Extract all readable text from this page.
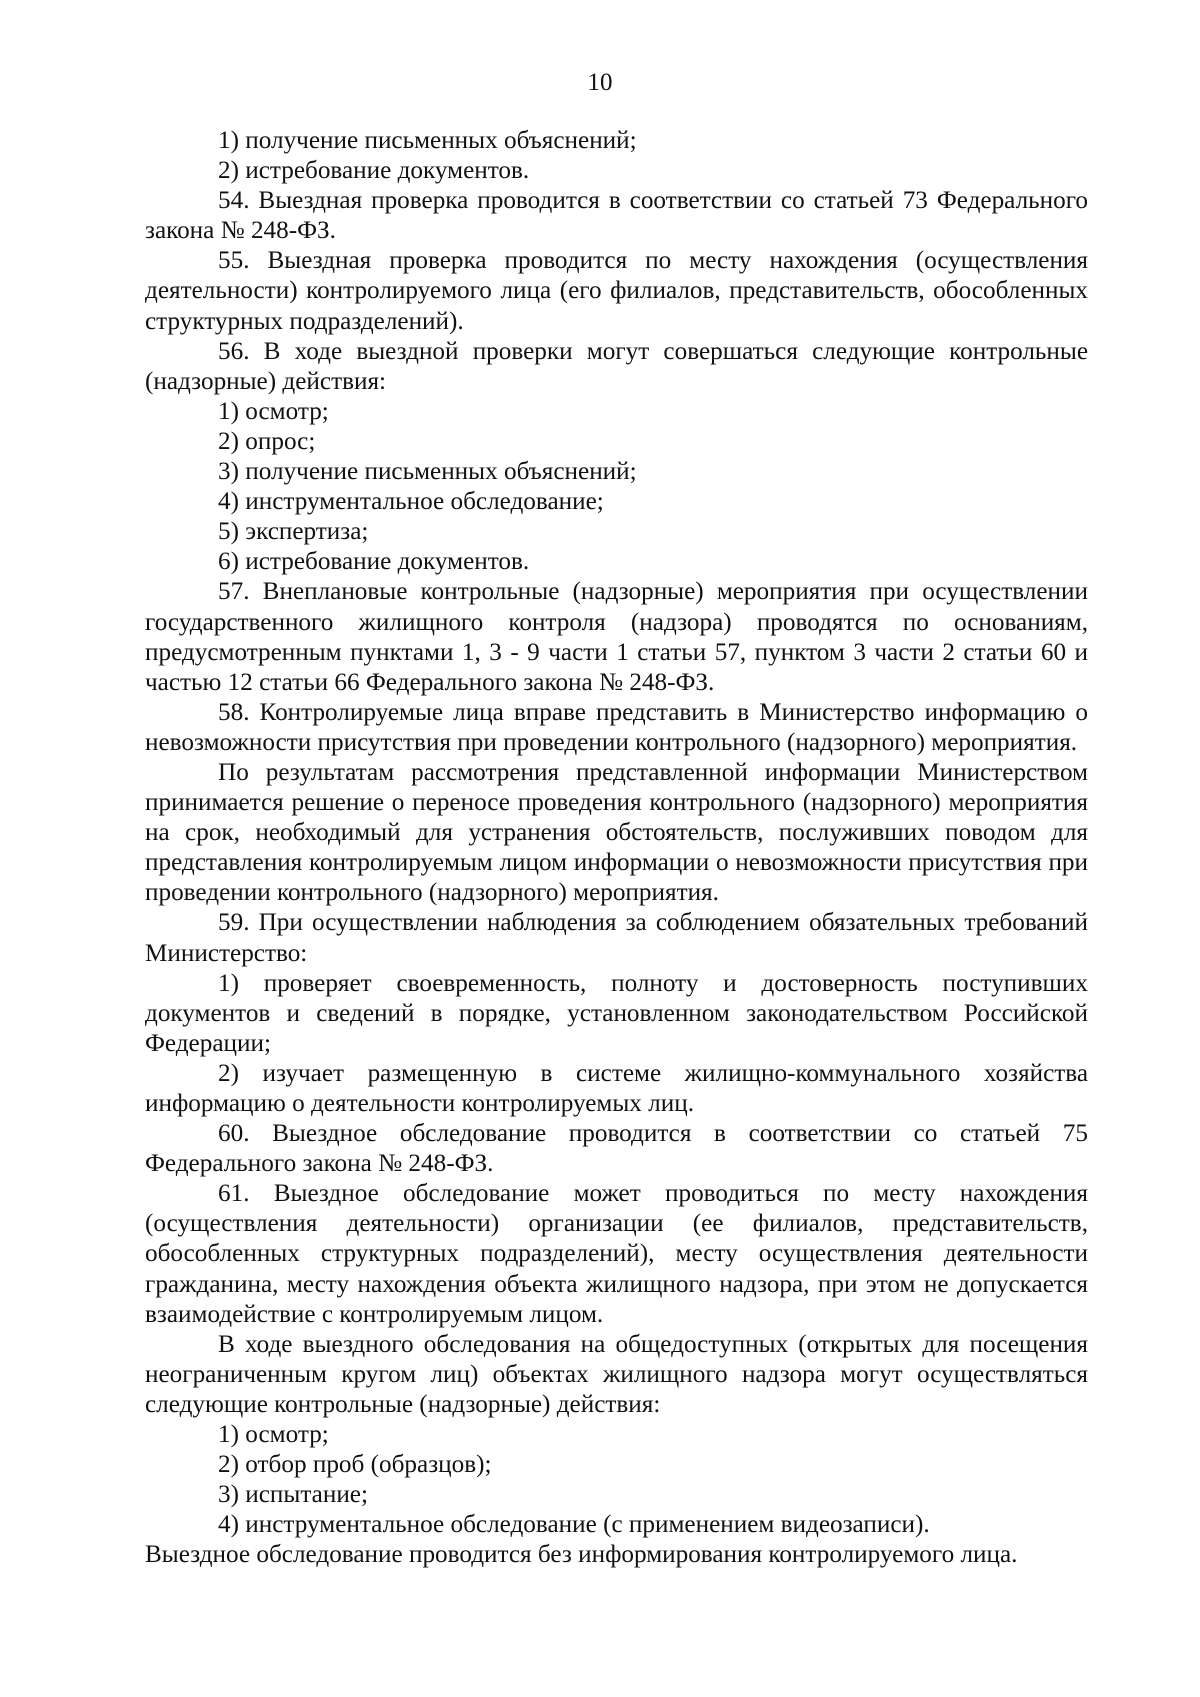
10

1) получение письменных объяснений;

2) истребование документов.

54. Выездная проверка проводится в соответствии со статьей 73 Федерального закона № 248-ФЗ.

55. Выездная проверка проводится по месту нахождения (осуществления деятельности) контролируемого лица (его филиалов, представительств, обособленных структурных подразделений).

56. В ходе выездной проверки могут совершаться следующие контрольные (надзорные) действия:

1) осмотр;

2) опрос;

3) получение письменных объяснений;

4) инструментальное обследование;

5) экспертиза;

6) истребование документов.

57. Внеплановые контрольные (надзорные) мероприятия при осуществлении государственного жилищного контроля (надзора) проводятся по основаниям, предусмотренным пунктами 1, 3 - 9 части 1 статьи 57, пунктом 3 части 2 статьи 60 и частью 12 статьи 66 Федерального закона № 248-ФЗ.

58. Контролируемые лица вправе представить в Министерство информацию о невозможности присутствия при проведении контрольного (надзорного) мероприятия.

По результатам рассмотрения представленной информации Министерством принимается решение о переносе проведения контрольного (надзорного) мероприятия на срок, необходимый для устранения обстоятельств, послуживших поводом для представления контролируемым лицом информации о невозможности присутствия при проведении контрольного (надзорного) мероприятия.

59. При осуществлении наблюдения за соблюдением обязательных требований Министерство:

1) проверяет своевременность, полноту и достоверность поступивших документов и сведений в порядке, установленном законодательством Российской Федерации;

2) изучает размещенную в системе жилищно-коммунального хозяйства информацию о деятельности контролируемых лиц.

60. Выездное обследование проводится в соответствии со статьей 75 Федерального закона № 248-ФЗ.

61. Выездное обследование может проводиться по месту нахождения (осуществления деятельности) организации (ее филиалов, представительств, обособленных структурных подразделений), месту осуществления деятельности гражданина, месту нахождения объекта жилищного надзора, при этом не допускается взаимодействие с контролируемым лицом.

В ходе выездного обследования на общедоступных (открытых для посещения неограниченным кругом лиц) объектах жилищного надзора могут осуществляться следующие контрольные (надзорные) действия:

1) осмотр;

2) отбор проб (образцов);

3) испытание;

4) инструментальное обследование (с применением видеозаписи).

Выездное обследование проводится без информирования контролируемого лица.
